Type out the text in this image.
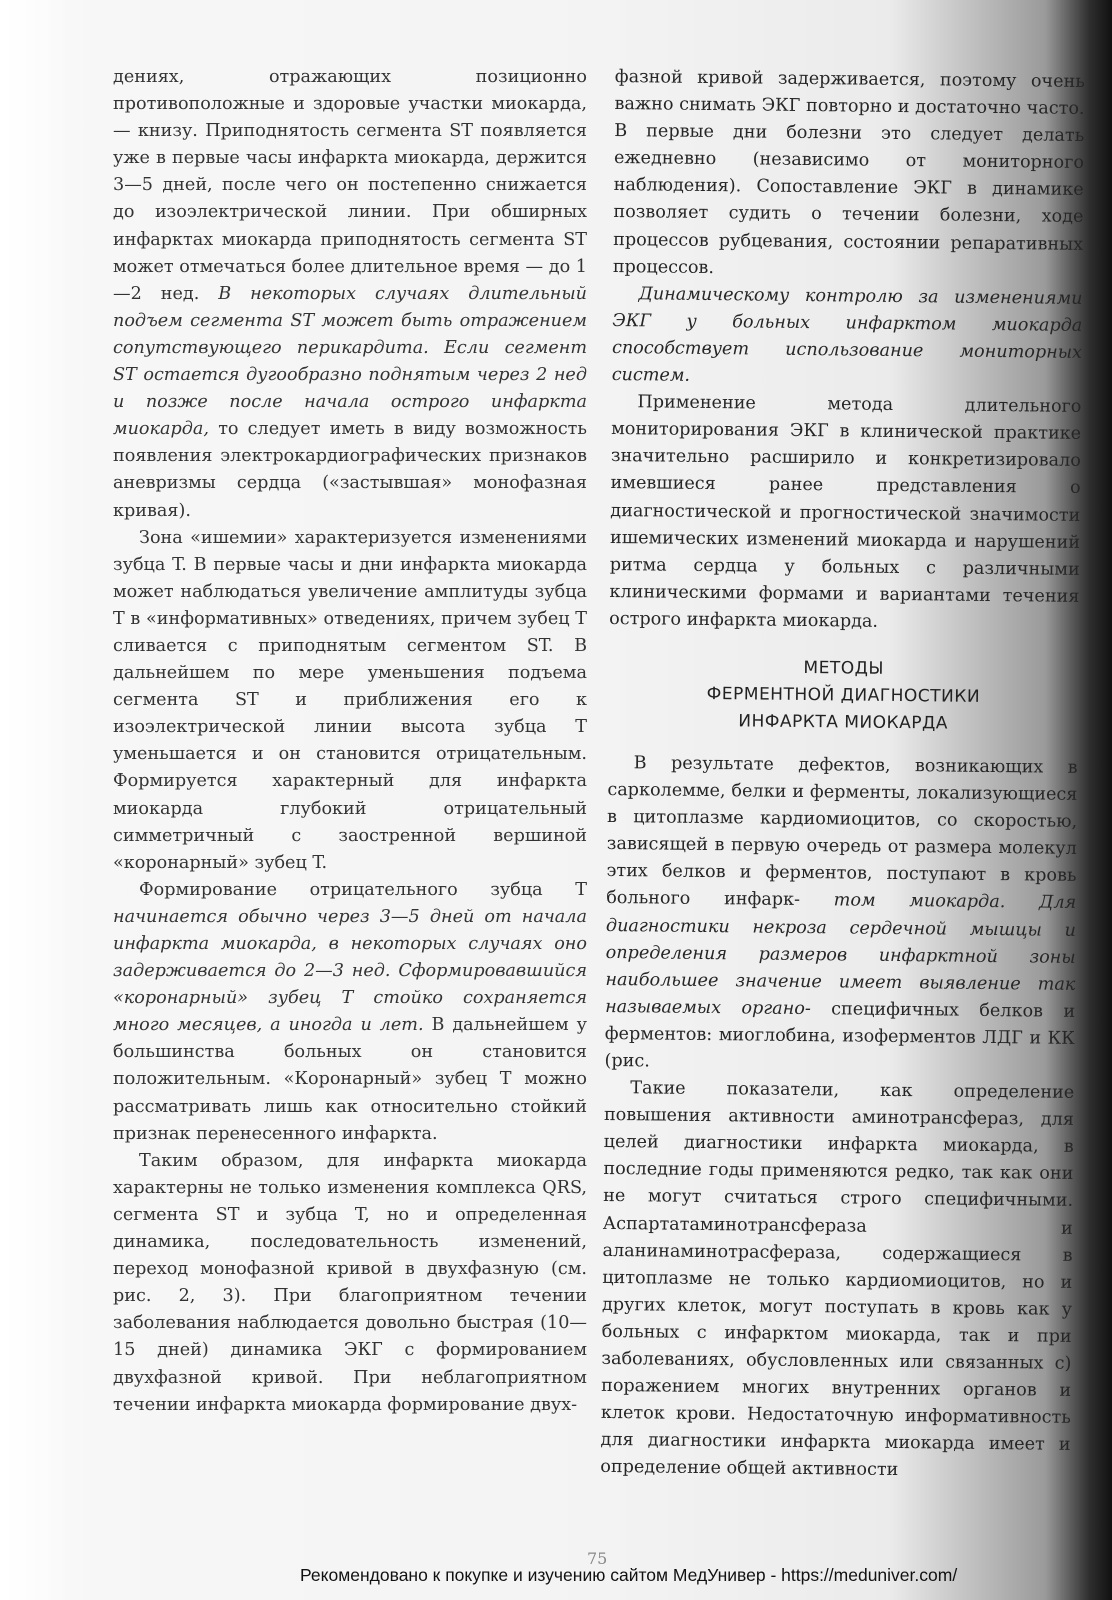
дениях, отражающих позиционно противоположные и здоровые участки миокарда,— книзу. Приподнятость сегмента ST появляется уже в первые часы инфаркта миокарда, держится 3—5 дней, после чего он постепенно снижается до изоэлектрической линии. При обширных инфарктах миокарда приподнятость сегмента ST может отмечаться более длительное время — до 1—2 нед. В некоторых случаях длительный подъем сегмента ST может быть отражением сопутствующего перикардита. Если сегмент ST остается дугообразно поднятым через 2 нед и позже после начала острого инфаркта миокарда, то следует иметь в виду возможность появления электрокардиографических признаков аневризмы сердца («застывшая» монофазная кривая).

Зона «ишемии» характеризуется изменениями зубца T. В первые часы и дни инфаркта миокарда может наблюдаться увеличение амплитуды зубца T в «информативных» отведениях, причем зубец T сливается с приподнятым сегментом ST. В дальнейшем по мере уменьшения подъема сегмента ST и приближения его к изоэлектрической линии высота зубца T уменьшается и он становится отрицательным. Формируется характерный для инфаркта миокарда глубокий отрицательный симметричный с заостренной вершиной «коронарный» зубец T.

Формирование отрицательного зубца T начинается обычно через 3—5 дней от начала инфаркта миокарда, в некоторых случаях оно задерживается до 2—3 нед. Сформировавшийся «коронарный» зубец T стойко сохраняется много месяцев, а иногда и лет. В дальнейшем у большинства больных он становится положительным. «Коронарный» зубец T можно рассматривать лишь как относительно стойкий признак перенесенного инфаркта.

Таким образом, для инфаркта миокарда характерны не только изменения комплекса QRS, сегмента ST и зубца T, но и определенная динамика, последовательность изменений, переход монофазной кривой в двухфазную (см. рис. 2, 3). При благоприятном течении заболевания наблюдается довольно быстрая (10—15 дней) динамика ЭКГ с формированием двухфазной кривой. При неблагоприятном течении инфаркта миокарда формирование двух-

фазной кривой задерживается, поэтому очень важно снимать ЭКГ повторно и достаточно часто. В первые дни болезни это следует делать ежедневно (независимо от мониторного наблюдения). Сопоставление ЭКГ в динамике позволяет судить о течении болезни, ходе процессов рубцевания, состоянии репаративных процессов.

Динамическому контролю за изменениями ЭКГ у больных инфарктом миокарда способствует использование мониторных систем.

Применение метода длительного мониторирования ЭКГ в клинической практике значительно расширило и конкретизировало имевшиеся ранее представления о диагностической и прогностической значимости ишемических изменений миокарда и нарушений ритма сердца у больных с различными клиническими формами и вариантами течения острого инфаркта миокарда.

МЕТОДЫ
ФЕРМЕНТНОЙ ДИАГНОСТИКИ
ИНФАРКТА МИОКАРДА

В результате дефектов, возникающих в сарколемме, белки и ферменты, локализующиеся в цитоплазме кардиомиоцитов, со скоростью, зависящей в первую очередь от размера молекул этих белков и ферментов, поступают в кровь больного инфарк- том миокарда. Для диагностики некроза сердечной мышцы и определения размеров инфарктной зоны наибольшее значение имеет выявление так называемых органо- специфичных белков и ферментов: миоглобина, изоферментов ЛДГ и КК (рис.

Такие показатели, как определение повышения активности аминотрансфераз, для целей диагностики инфаркта миокарда, в последние годы применяются редко, так как они не могут считаться строго специфичными. Аспартатаминотрансфераза и аланинаминотрасфераза, содержащиеся в цитоплазме не только кардиомиоцитов, но и других клеток, могут поступать в кровь как у больных с инфарктом миокарда, так и при заболеваниях, обусловленных или связанных с) поражением многих внутренних органов и клеток крови. Недостаточную информативность для диагностики инфаркта миокарда имеет и определение общей активности

75
Рекомендовано к покупке и изучению сайтом МедУнивер - https://meduniver.com/
